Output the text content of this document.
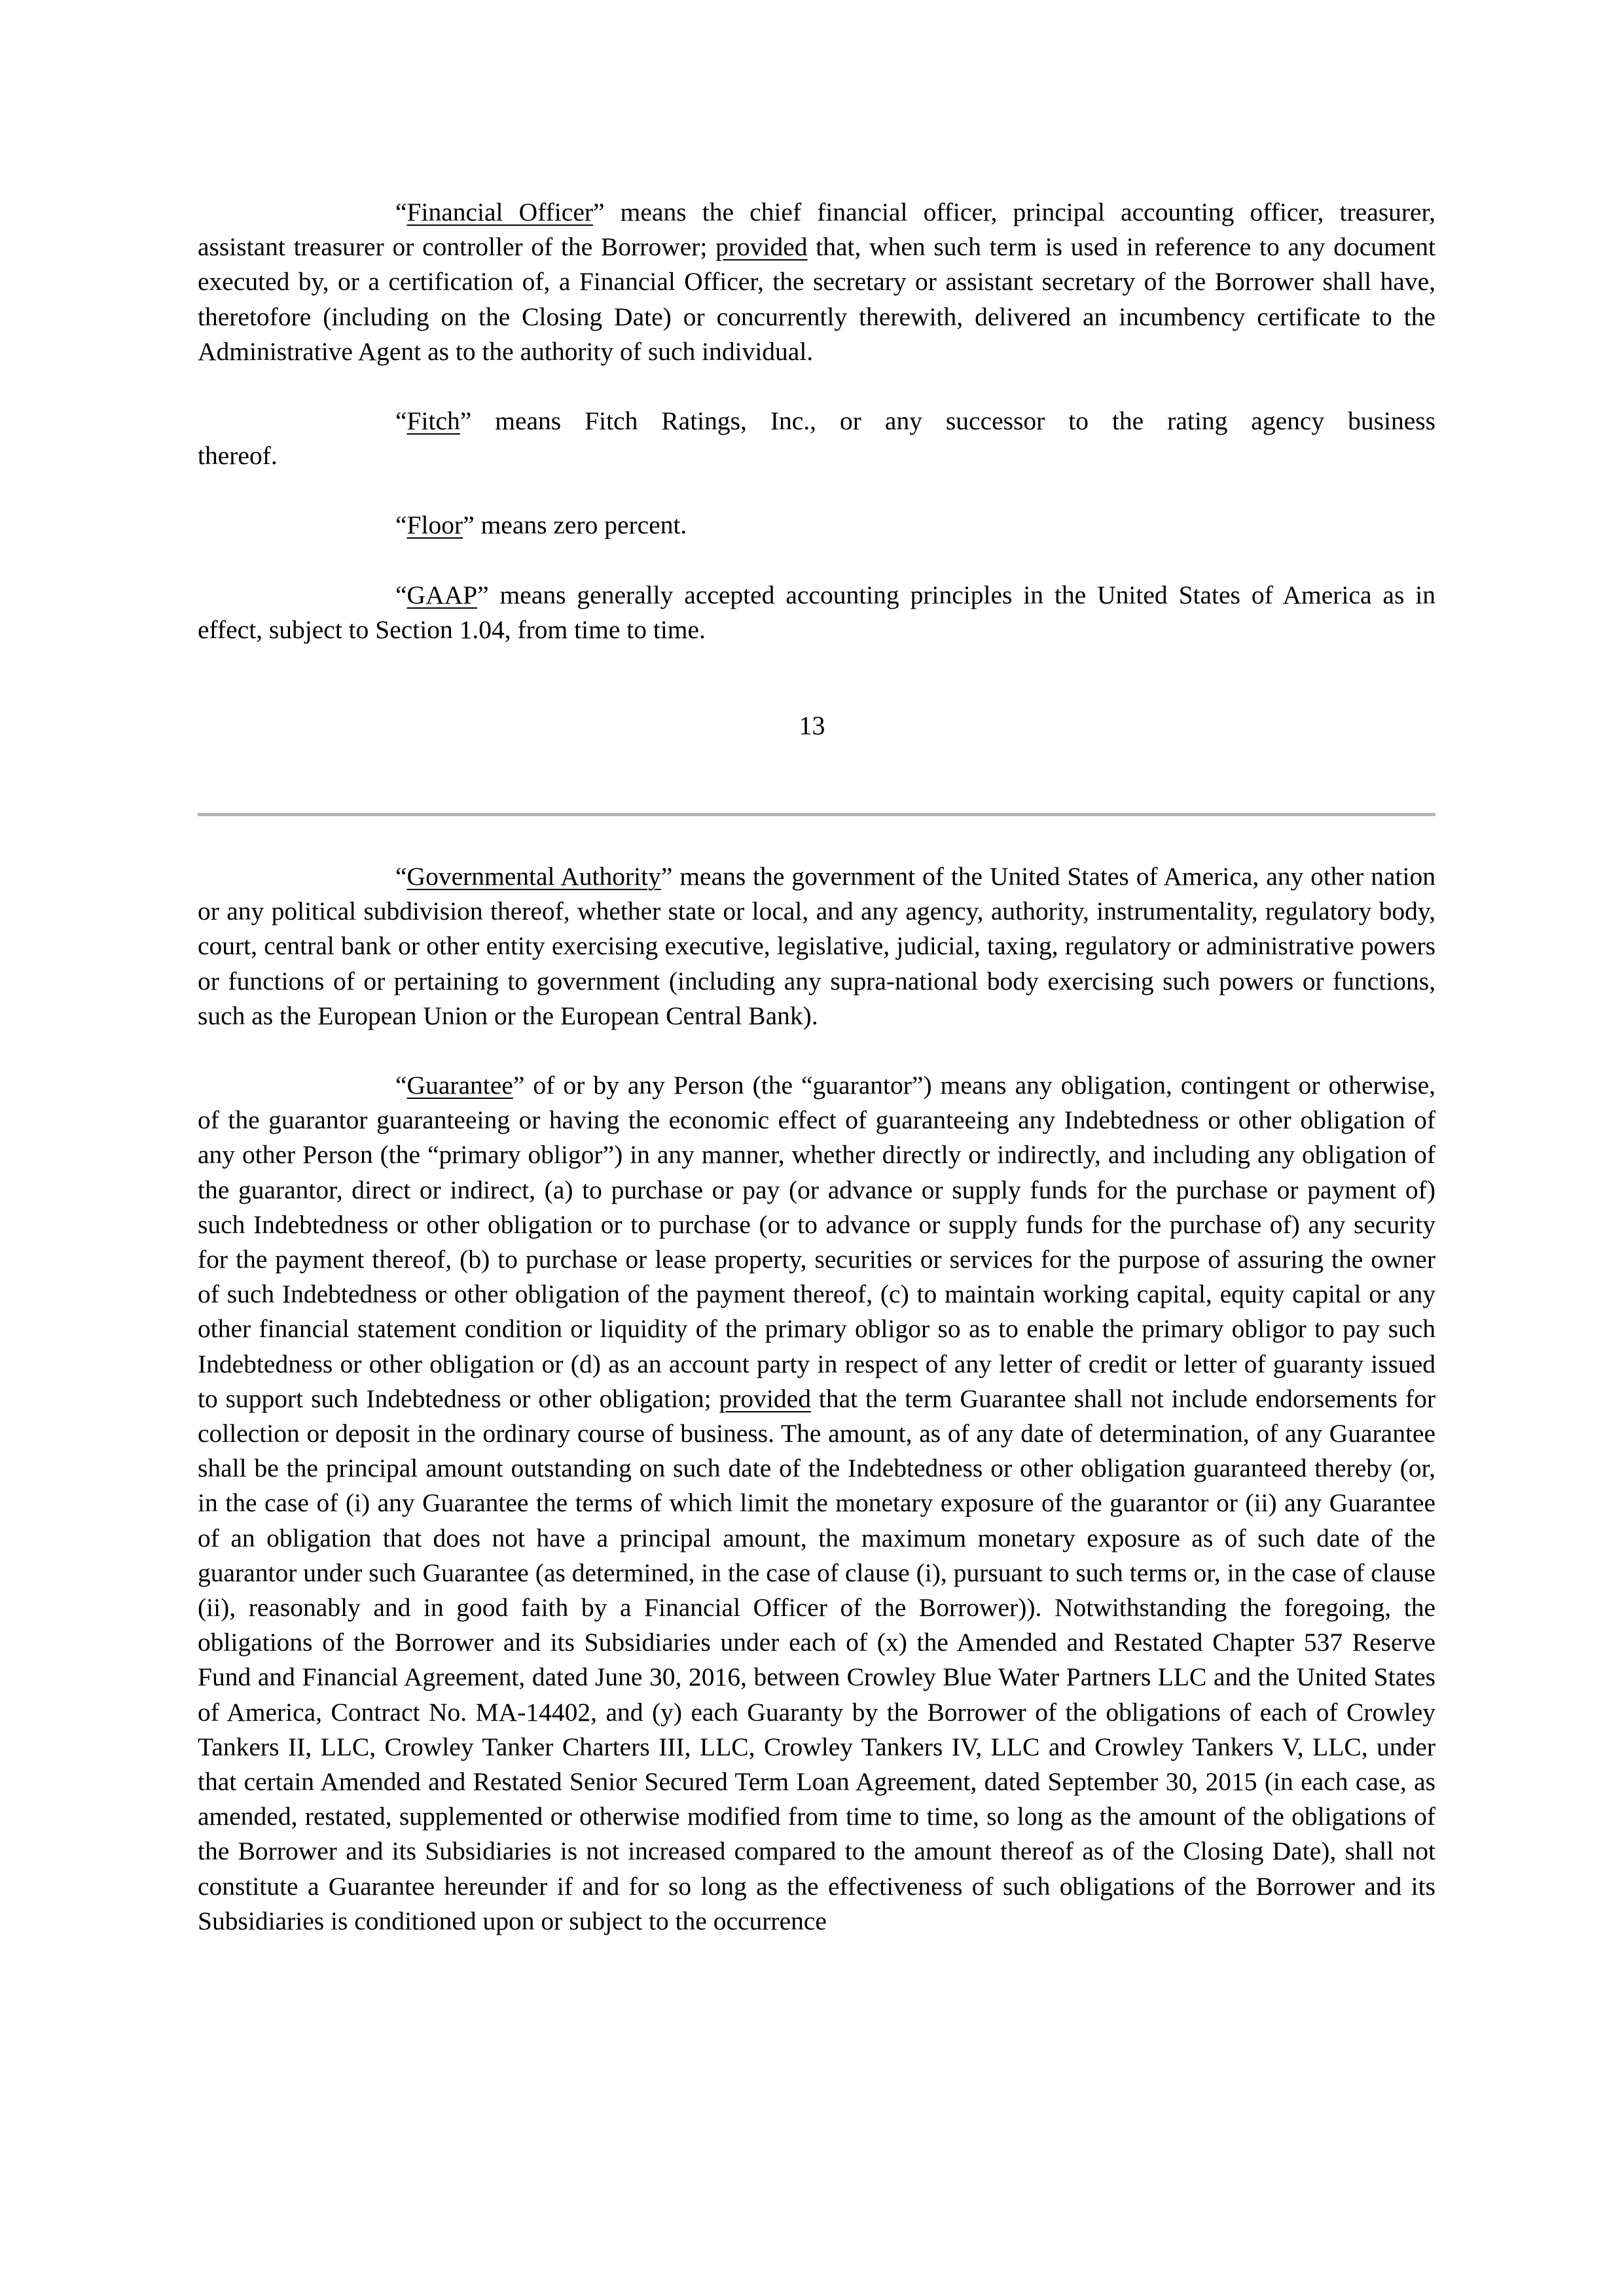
“Financial Officer” means the chief financial officer, principal accounting officer, treasurer, assistant treasurer or controller of the Borrower; provided that, when such term is used in reference to any document executed by, or a certification of, a Financial Officer, the secretary or assistant secretary of the Borrower shall have, theretofore (including on the Closing Date) or concurrently therewith, delivered an incumbency certificate to the Administrative Agent as to the authority of such individual.

“Fitch” means Fitch Ratings, Inc., or any successor to the rating agency business

thereof.

“Floor” means zero percent.

“GAAP” means generally accepted accounting principles in the United States of America as in effect, subject to Section 1.04, from time to time.

13

“Governmental Authority” means the government of the United States of America, any other nation or any political subdivision thereof, whether state or local, and any agency, authority, instrumentality, regulatory body, court, central bank or other entity exercising executive, legislative, judicial, taxing, regulatory or administrative powers or functions of or pertaining to government (including any supra-national body exercising such powers or functions, such as the European Union or the European Central Bank).

“Guarantee” of or by any Person (the “guarantor”) means any obligation, contingent or otherwise, of the guarantor guaranteeing or having the economic effect of guaranteeing any Indebtedness or other obligation of any other Person (the “primary obligor”) in any manner, whether directly or indirectly, and including any obligation of the guarantor, direct or indirect, (a) to purchase or pay (or advance or supply funds for the purchase or payment of) such Indebtedness or other obligation or to purchase (or to advance or supply funds for the purchase of) any security for the payment thereof, (b) to purchase or lease property, securities or services for the purpose of assuring the owner of such Indebtedness or other obligation of the payment thereof, (c) to maintain working capital, equity capital or any other financial statement condition or liquidity of the primary obligor so as to enable the primary obligor to pay such Indebtedness or other obligation or (d) as an account party in respect of any letter of credit or letter of guaranty issued to support such Indebtedness or other obligation; provided that the term Guarantee shall not include endorsements for collection or deposit in the ordinary course of business. The amount, as of any date of determination, of any Guarantee shall be the principal amount outstanding on such date of the Indebtedness or other obligation guaranteed thereby (or, in the case of (i) any Guarantee the terms of which limit the monetary exposure of the guarantor or (ii) any Guarantee of an obligation that does not have a principal amount, the maximum monetary exposure as of such date of the guarantor under such Guarantee (as determined, in the case of clause (i), pursuant to such terms or, in the case of clause (ii), reasonably and in good faith by a Financial Officer of the Borrower)). Notwithstanding the foregoing, the obligations of the Borrower and its Subsidiaries under each of (x) the Amended and Restated Chapter 537 Reserve Fund and Financial Agreement, dated June 30, 2016, between Crowley Blue Water Partners LLC and the United States of America, Contract No. MA-14402, and (y) each Guaranty by the Borrower of the obligations of each of Crowley Tankers II, LLC, Crowley Tanker Charters III, LLC, Crowley Tankers IV, LLC and Crowley Tankers V, LLC, under that certain Amended and Restated Senior Secured Term Loan Agreement, dated September 30, 2015 (in each case, as amended, restated, supplemented or otherwise modified from time to time, so long as the amount of the obligations of the Borrower and its Subsidiaries is not increased compared to the amount thereof as of the Closing Date), shall not constitute a Guarantee hereunder if and for so long as the effectiveness of such obligations of the Borrower and its Subsidiaries is conditioned upon or subject to the occurrence
